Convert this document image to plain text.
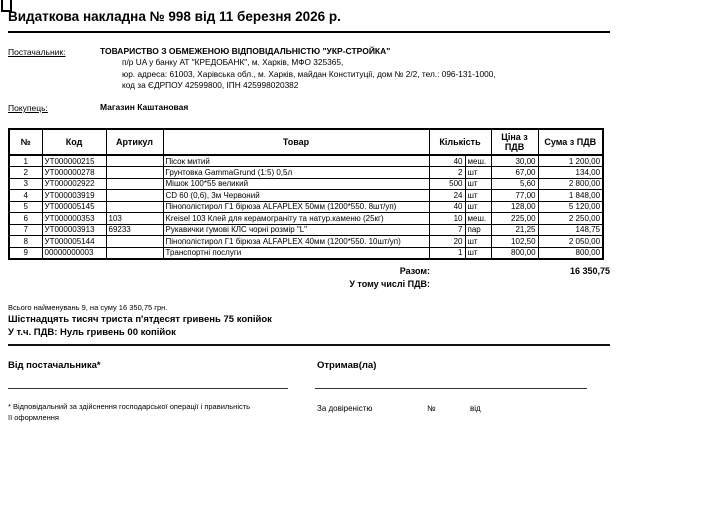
Видаткова накладна № 998 від 11 березня 2026 р.
Постачальник:	ТОВАРИСТВО З ОБМЕЖЕНОЮ ВІДПОВІДАЛЬНІСТЮ "УКР-СТРОЙКА"
п/р UA у банку АТ "КРЕДОБАНК", м. Харків, МФО 325365,
юр. адреса: 61003, Харівська обл., м. Харків, майдан Конституції, дом № 2/2, тел.: 096-131-1000,
код за ЄДРПОУ 42599800, ІПН 425998020382
Покупець:	Магазин Каштановая
№	Код	Артикул	Товар	Кількість		Ціна з ПДВ	Сума з ПДВ
1	УТ000000215		Пісок митий	40	меш.	30,00	1 200,00
2	УТ000000278		Грунтовка GammaGrund (1:5) 0,5л	2	шт	67,00	134,00
3	УТ000002922		Мішок 100*55 великий	500	шт	5,60	2 800,00
4	УТ000003919		CD 60 (0,6), 3м Червоний	24	шт	77,00	1 848,00
5	УТ000005145		Пінополістирол Г1 бірюза ALFAPLEX 50мм (1200*550. 8шт/уп)	40	шт	128,00	5 120,00
6	УТ000000353	103	Kreisel 103 Клей для керамограніту та натур.каменю (25кг)	10	меш.	225,00	2 250,00
7	УТ000003913	69233	Рукавички гумові КЛС чорні розмір "L"	7	пар	21,25	148,75
8	УТ000005144		Пінополістирол Г1 бірюза ALFAPLEX 40мм (1200*550. 10шт/уп)	20	шт	102,50	2 050,00
9	00000000003		Транспортні послуги	1	шт	800,00	800,00
Разом:	16 350,75
У тому числі ПДВ:
Всього найменувань 9, на суму 16 350,75 грн.
Шістнадцять тисяч триста п'ятдесят гривень 75 копійок
У т.ч. ПДВ: Нуль гривень 00 копійок
Від постачальника*	Отримав(ла)
* Відповідальний за здійснення господарської операції і правильність її оформлення
За довіреністю	№	від
